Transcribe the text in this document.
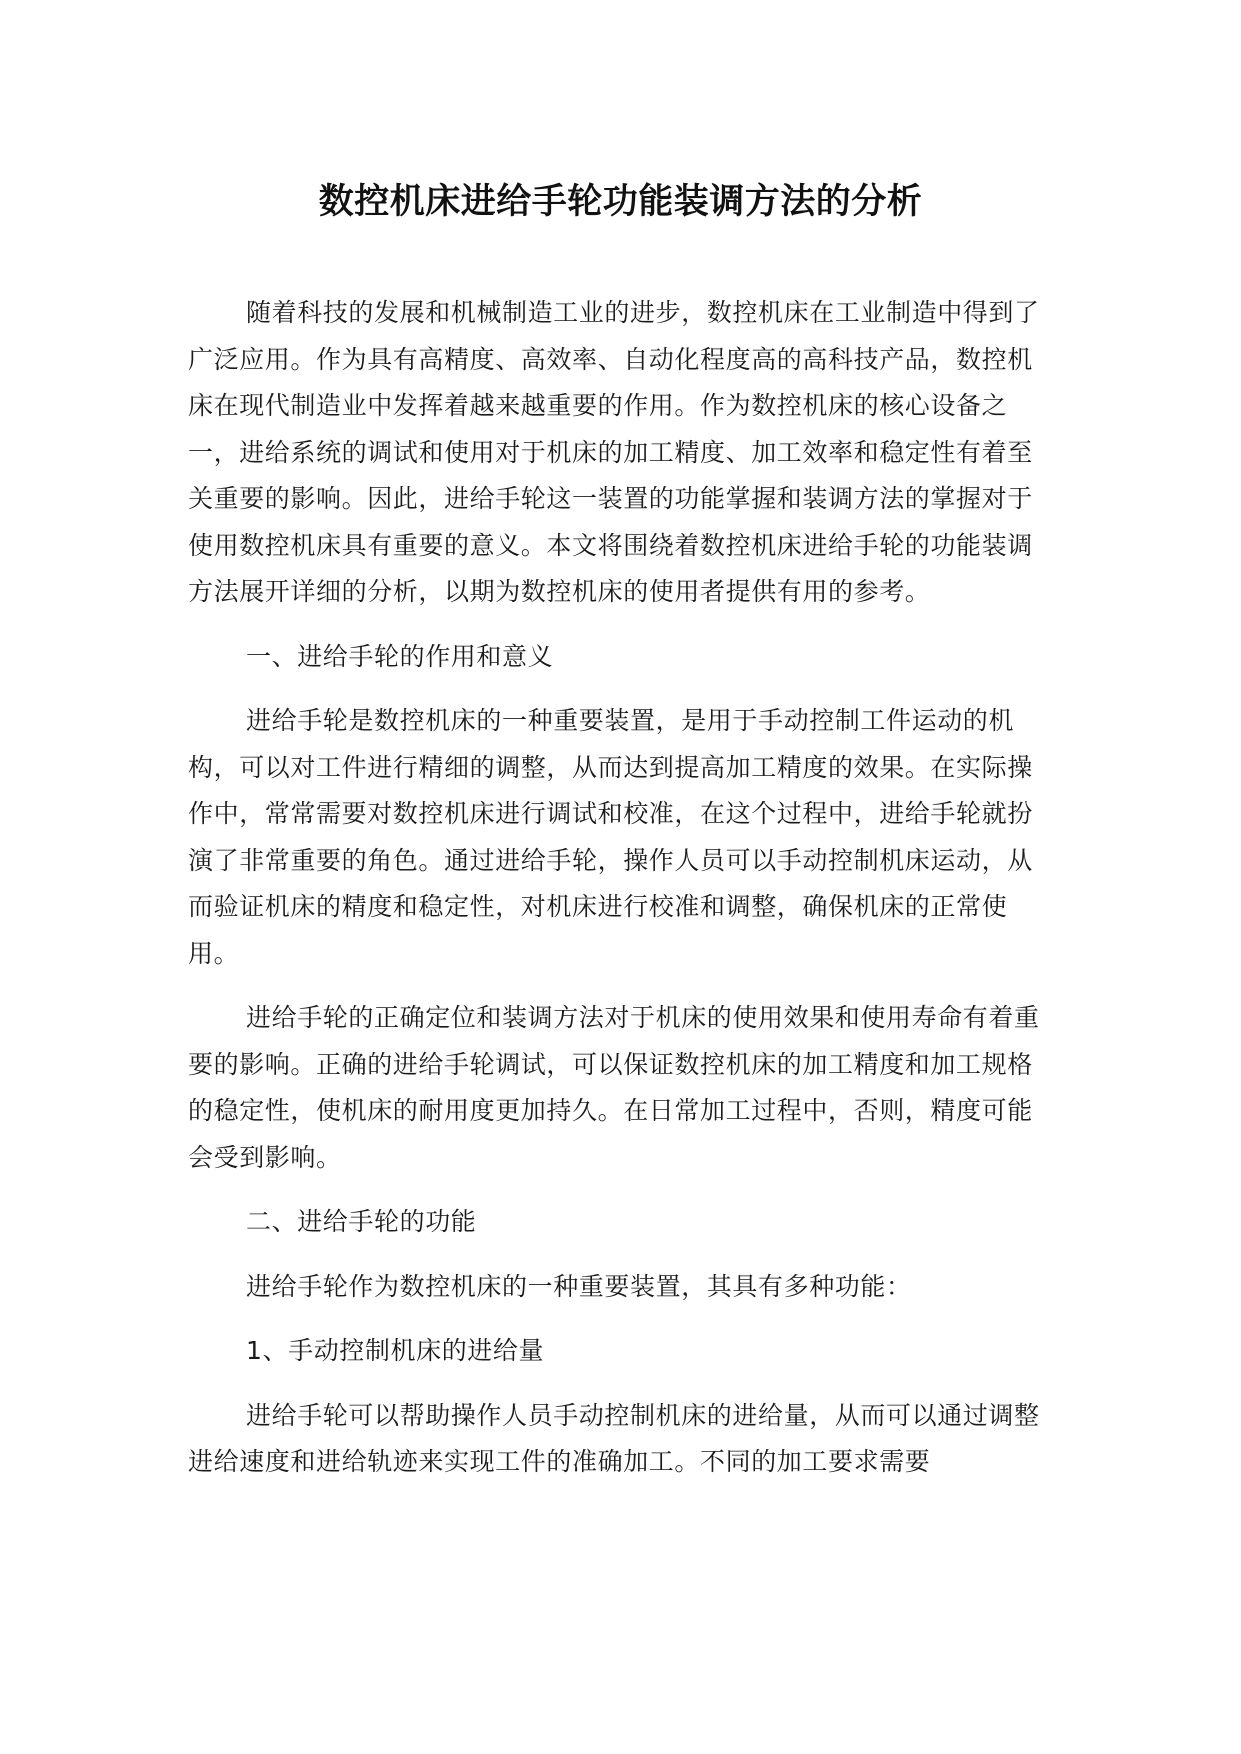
数控机床进给手轮功能装调方法的分析

随着科技的发展和机械制造工业的进步，数控机床在工业制造中得到了广泛应用。作为具有高精度、高效率、自动化程度高的高科技产品，数控机床在现代制造业中发挥着越来越重要的作用。作为数控机床的核心设备之一，进给系统的调试和使用对于机床的加工精度、加工效率和稳定性有着至关重要的影响。因此，进给手轮这一装置的功能掌握和装调方法的掌握对于使用数控机床具有重要的意义。本文将围绕着数控机床进给手轮的功能装调方法展开详细的分析，以期为数控机床的使用者提供有用的参考。

一、进给手轮的作用和意义

进给手轮是数控机床的一种重要装置，是用于手动控制工件运动的机构，可以对工件进行精细的调整，从而达到提高加工精度的效果。在实际操作中，常常需要对数控机床进行调试和校准，在这个过程中，进给手轮就扮演了非常重要的角色。通过进给手轮，操作人员可以手动控制机床运动，从而验证机床的精度和稳定性，对机床进行校准和调整，确保机床的正常使用。

进给手轮的正确定位和装调方法对于机床的使用效果和使用寿命有着重要的影响。正确的进给手轮调试，可以保证数控机床的加工精度和加工规格的稳定性，使机床的耐用度更加持久。在日常加工过程中，否则，精度可能会受到影响。

二、进给手轮的功能

进给手轮作为数控机床的一种重要装置，其具有多种功能：

1、手动控制机床的进给量

进给手轮可以帮助操作人员手动控制机床的进给量，从而可以通过调整进给速度和进给轨迹来实现工件的准确加工。不同的加工要求需要
